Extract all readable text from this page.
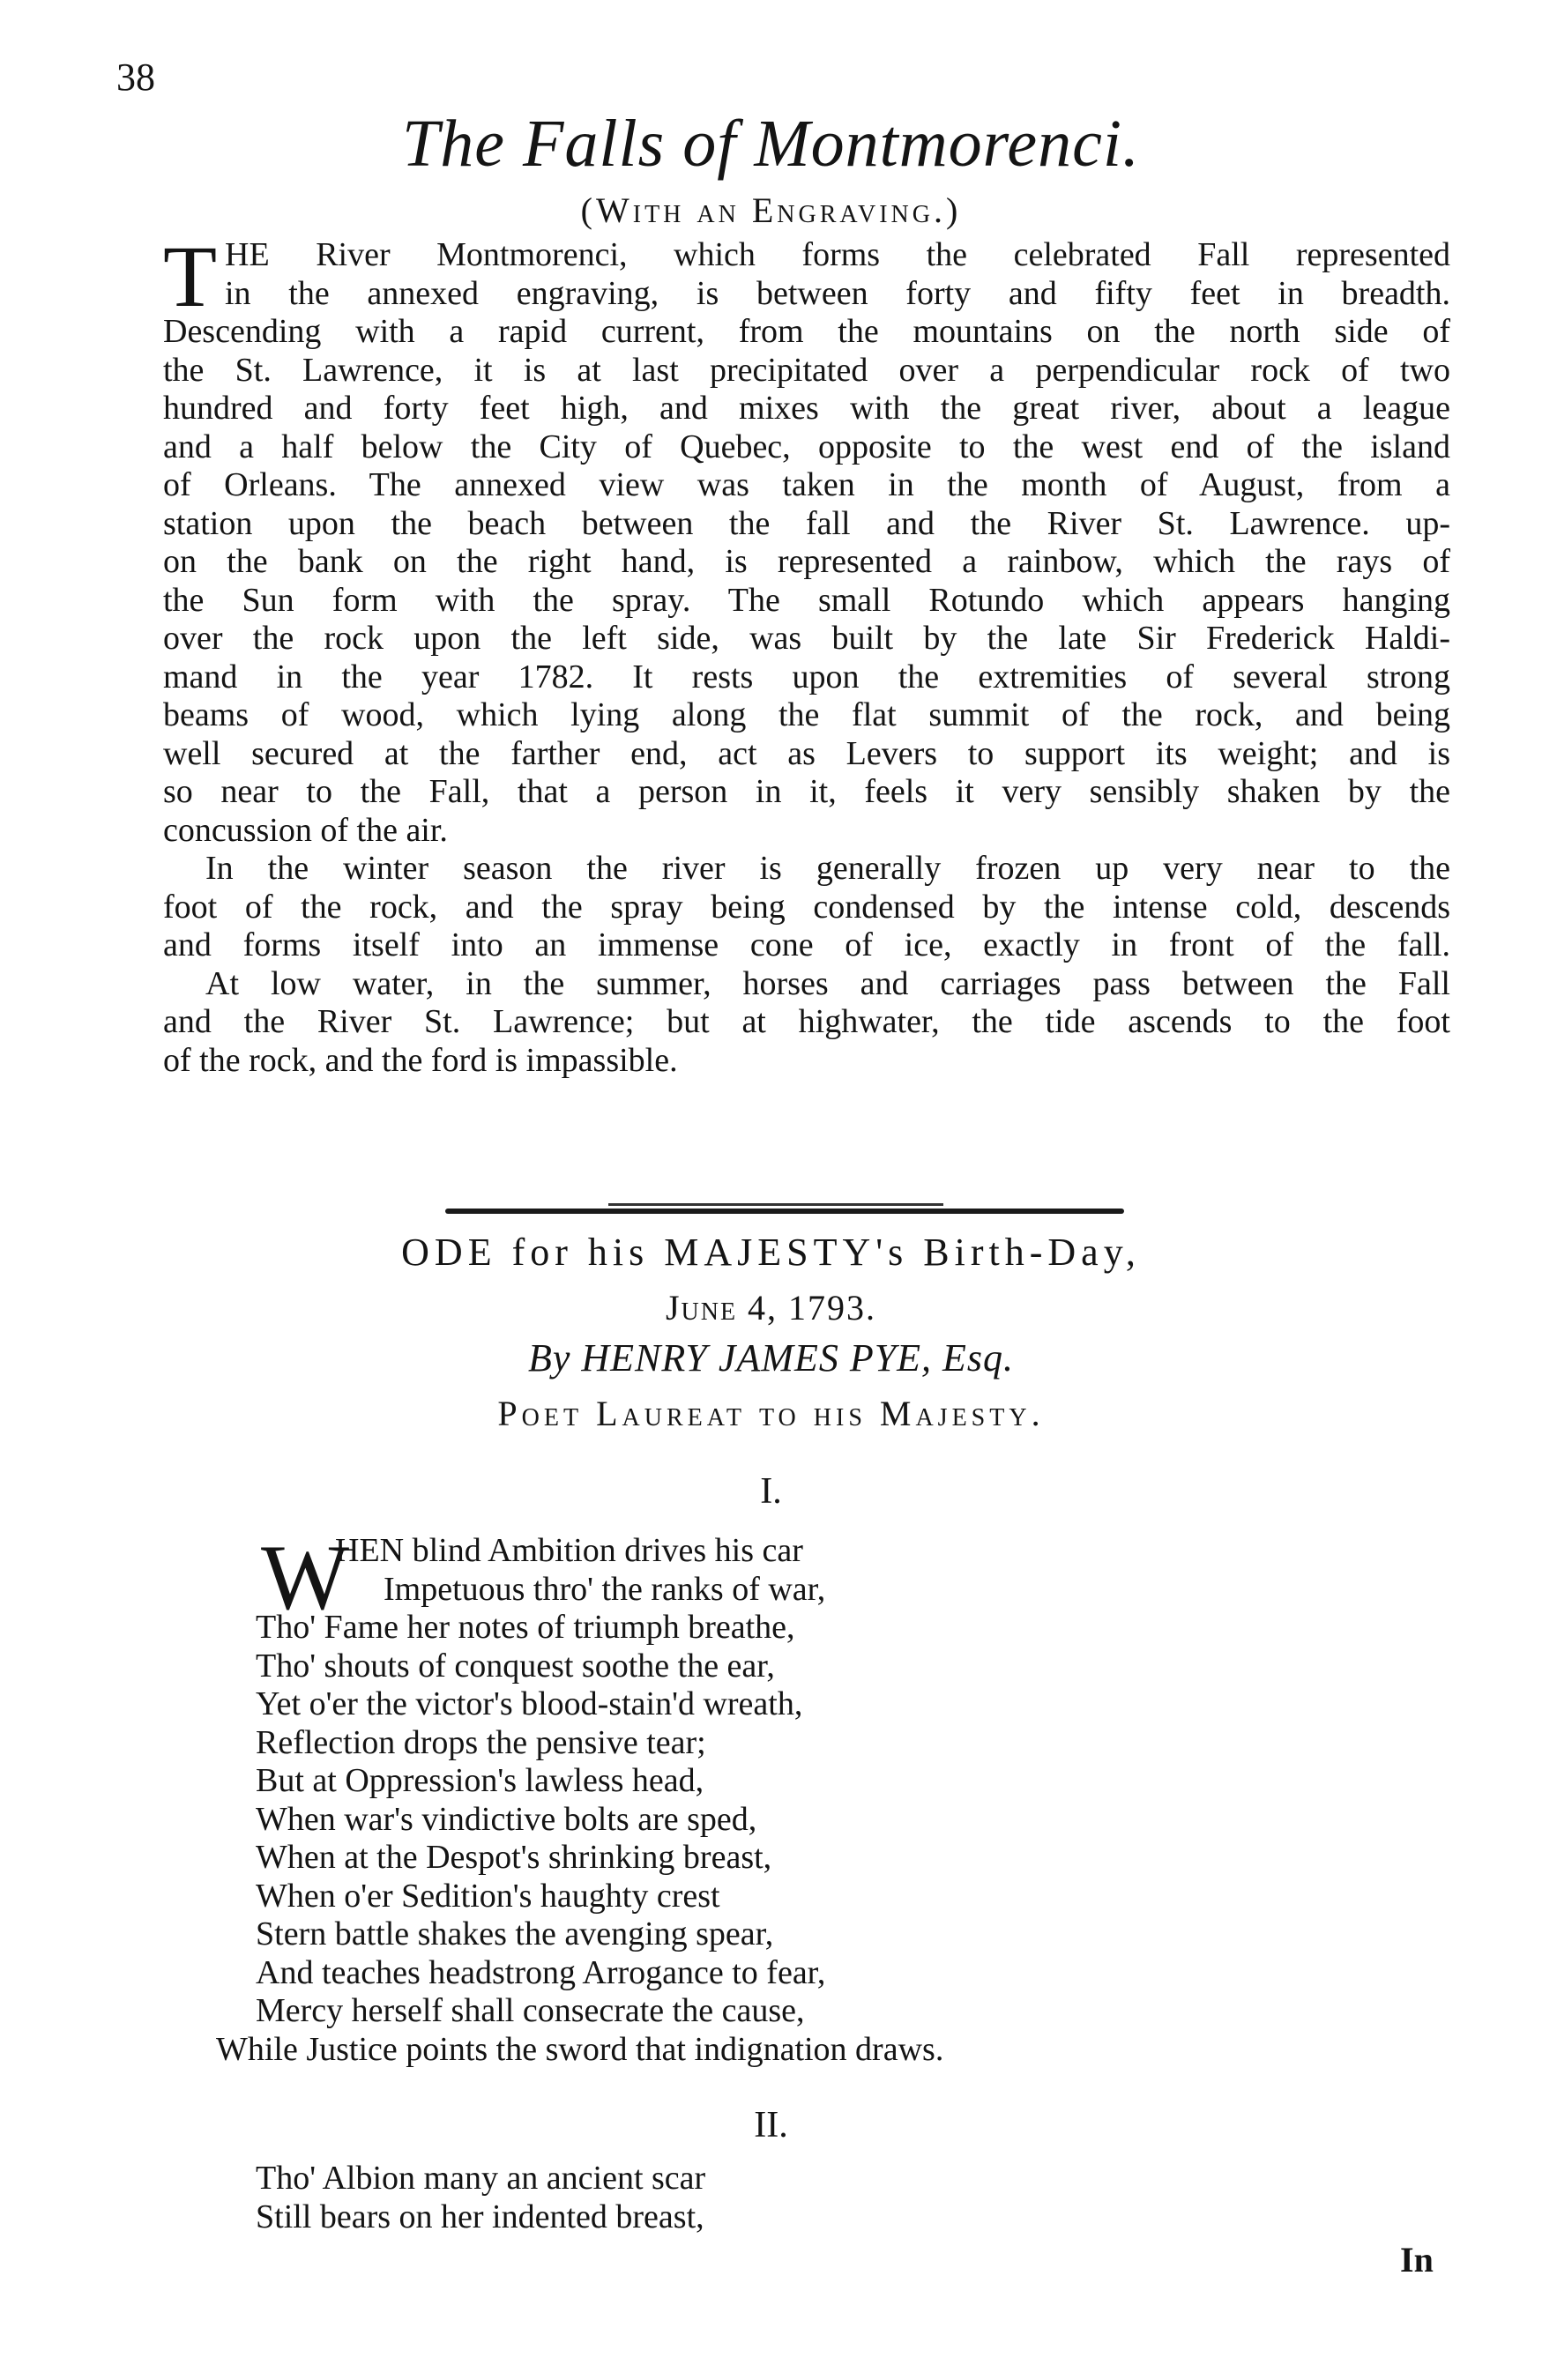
38
The Falls of Montmorenci.
(With an Engraving.)
T HE River Montmorenci, which forms the celebrated Fall represented
in the annexed engraving, is between forty and fifty feet in breadth.
Descending with a rapid current, from the mountains on the north side of
the St. Lawrence, it is at last precipitated over a perpendicular rock of two
hundred and forty feet high, and mixes with the great river, about a league
and a half below the City of Quebec, opposite to the west end of the island
of Orleans. The annexed view was taken in the month of August, from a
station upon the beach between the fall and the River St. Lawrence. up-
on the bank on the right hand, is represented a rainbow, which the rays of
the Sun form with the spray. The small Rotundo which appears hanging
over the rock upon the left side, was built by the late Sir Frederick Haldi-
mand in the year 1782. It rests upon the extremities of several strong
beams of wood, which lying along the flat summit of the rock, and being
well secured at the farther end, act as Levers to support its weight; and is
so near to the Fall, that a person in it, feels it very sensibly shaken by the
concussion of the air.
In the winter season the river is generally frozen up very near to the
foot of the rock, and the spray being condensed by the intense cold, descends
and forms itself into an immense cone of ice, exactly in front of the fall.
At low water, in the summer, horses and carriages pass between the Fall
and the River St. Lawrence; but at highwater, the tide ascends to the foot
of the rock, and the ford is impassible.
ODE for his MAJESTY's Birth-Day,
June 4, 1793.
By HENRY JAMES PYE, Esq.
Poet Laureat to his Majesty.
I.
W
HEN blind Ambition drives his car
Impetuous thro' the ranks of war,
Tho' Fame her notes of triumph breathe,
Tho' shouts of conquest soothe the ear,
Yet o'er the victor's blood-stain'd wreath,
Reflection drops the pensive tear;
But at Oppression's lawless head,
When war's vindictive bolts are sped,
When at the Despot's shrinking breast,
When o'er Sedition's haughty crest
Stern battle shakes the avenging spear,
And teaches headstrong Arrogance to fear,
Mercy herself shall consecrate the cause,
While Justice points the sword that indignation draws.
II.
Tho' Albion many an ancient scar
Still bears on her indented breast,
In
